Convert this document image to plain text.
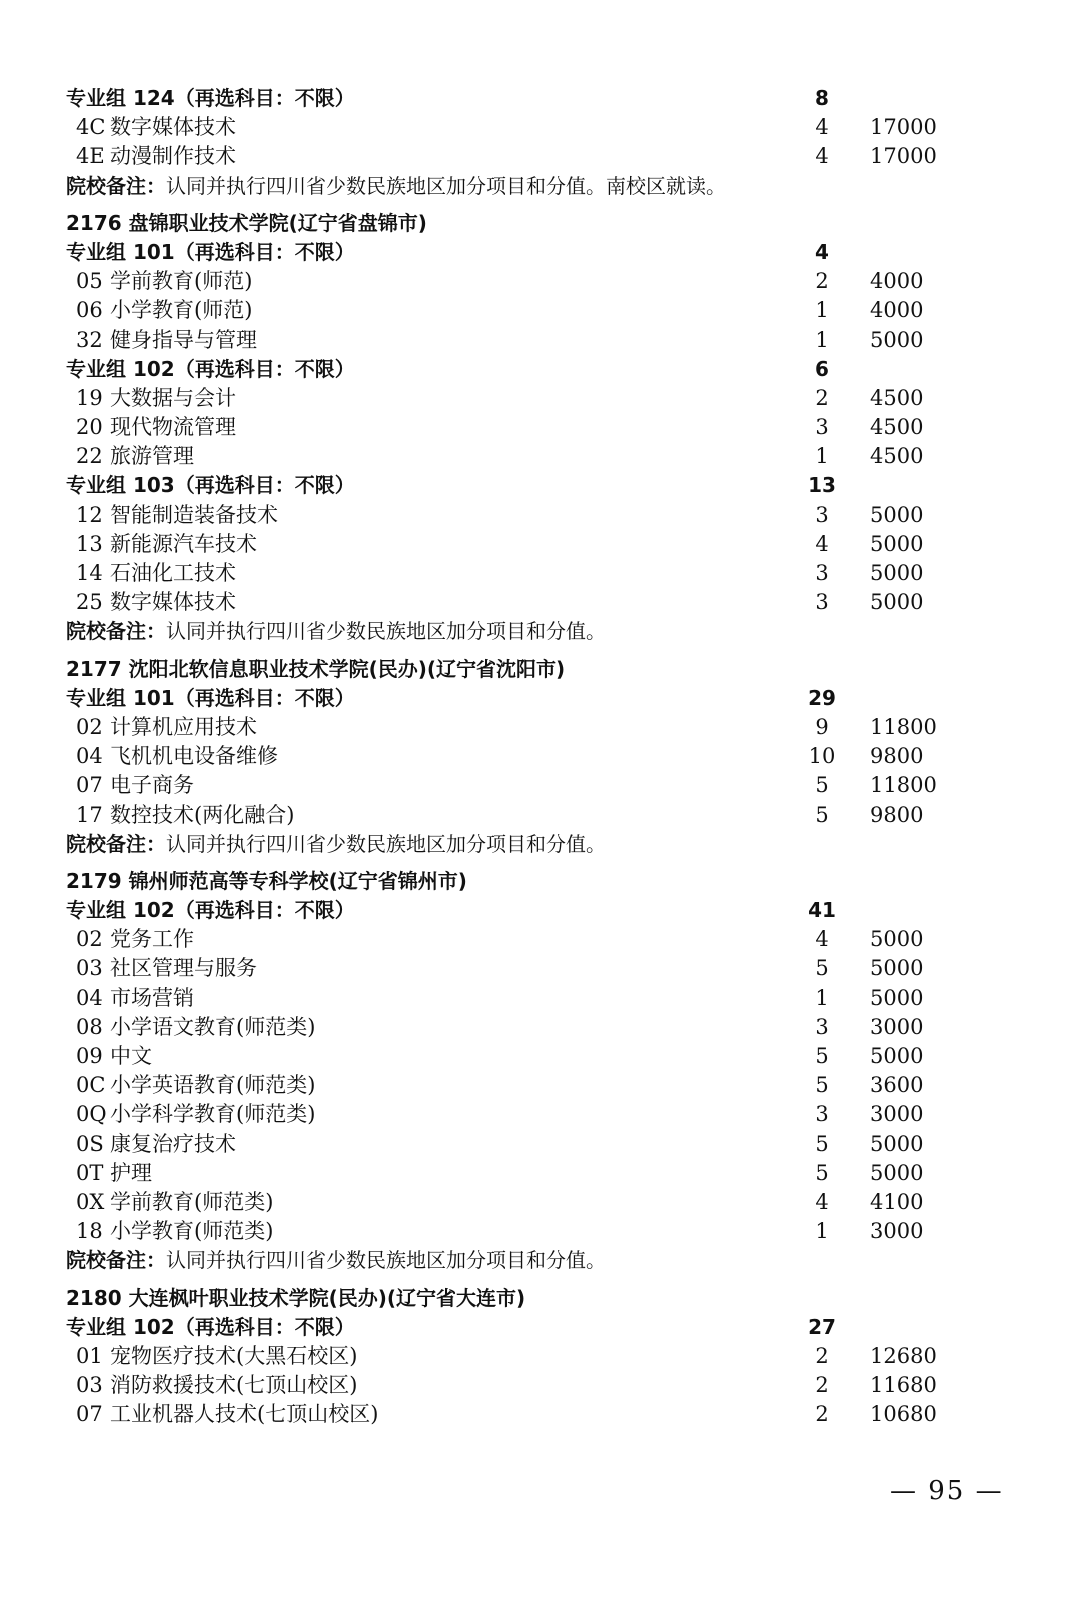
专业组 124（再选科目：不限）	8
4C 数字媒体技术	4	17000
4E 动漫制作技术	4	17000
院校备注：认同并执行四川省少数民族地区加分项目和分值。南校区就读。
2176 盘锦职业技术学院(辽宁省盘锦市)
专业组 101（再选科目：不限）	4
05 学前教育(师范)	2	4000
06 小学教育(师范)	1	4000
32 健身指导与管理	1	5000
专业组 102（再选科目：不限）	6
19 大数据与会计	2	4500
20 现代物流管理	3	4500
22 旅游管理	1	4500
专业组 103（再选科目：不限）	13
12 智能制造装备技术	3	5000
13 新能源汽车技术	4	5000
14 石油化工技术	3	5000
25 数字媒体技术	3	5000
院校备注：认同并执行四川省少数民族地区加分项目和分值。
2177 沈阳北软信息职业技术学院(民办)(辽宁省沈阳市)
专业组 101（再选科目：不限）	29
02 计算机应用技术	9	11800
04 飞机机电设备维修	10	9800
07 电子商务	5	11800
17 数控技术(两化融合)	5	9800
院校备注：认同并执行四川省少数民族地区加分项目和分值。
2179 锦州师范高等专科学校(辽宁省锦州市)
专业组 102（再选科目：不限）	41
02 党务工作	4	5000
03 社区管理与服务	5	5000
04 市场营销	1	5000
08 小学语文教育(师范类)	3	3000
09 中文	5	5000
0C 小学英语教育(师范类)	5	3600
0Q 小学科学教育(师范类)	3	3000
0S 康复治疗技术	5	5000
0T 护理	5	5000
0X 学前教育(师范类)	4	4100
18 小学教育(师范类)	1	3000
院校备注：认同并执行四川省少数民族地区加分项目和分值。
2180 大连枫叶职业技术学院(民办)(辽宁省大连市)
专业组 102（再选科目：不限）	27
01 宠物医疗技术(大黑石校区)	2	12680
03 消防救援技术(七顶山校区)	2	11680
07 工业机器人技术(七顶山校区)	2	10680
— 95 —
